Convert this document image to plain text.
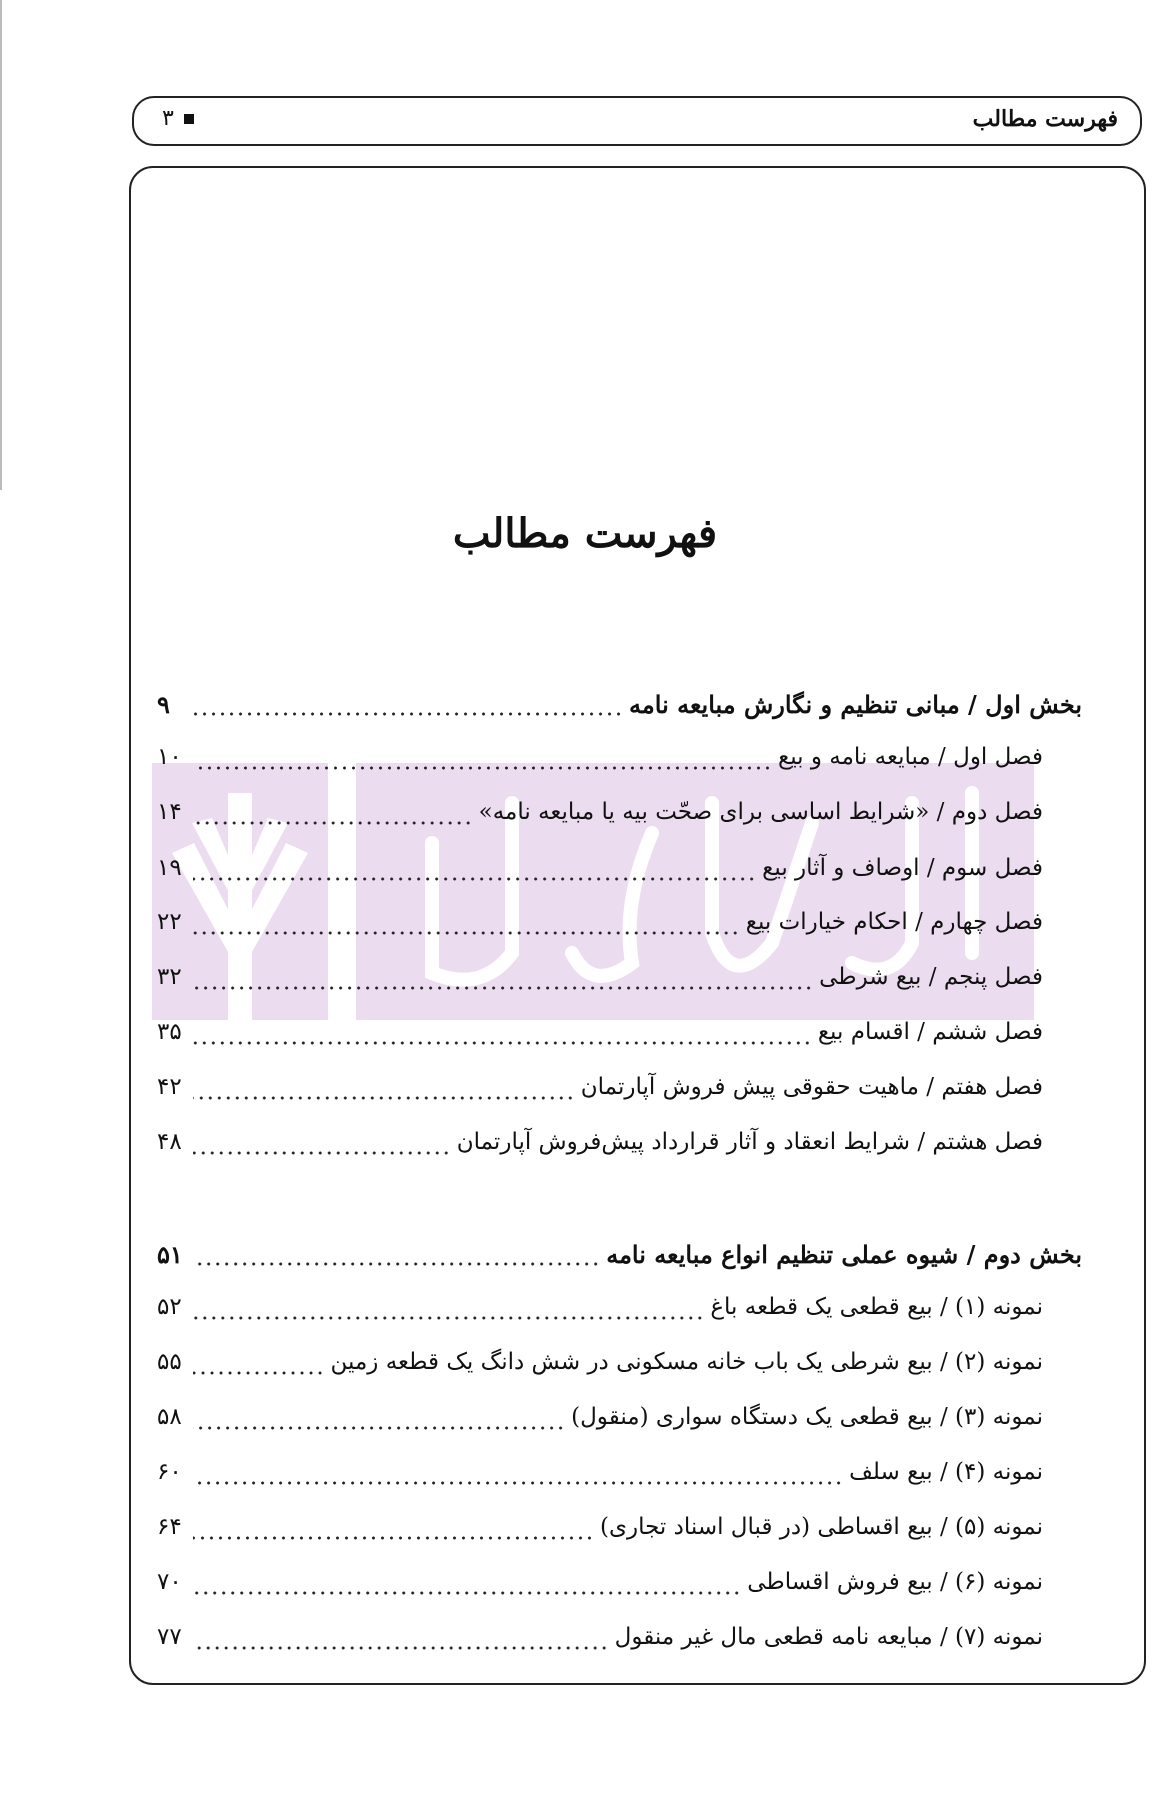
فهرست مطالب
۳
فهرست مطالب
بخش اول / مبانی تنظیم و نگارش مبایعه نامه
۹
فصل اول / مبایعه نامه و بیع
۱۰
فصل دوم / «شرایط اساسی برای صحّت بیه یا مبایعه نامه»
۱۴
فصل سوم / اوصاف و آثار بیع
۱۹
فصل چهارم / احکام خیارات بیع
۲۲
فصل پنجم / بیع شرطی
۳۲
فصل ششم / اقسام بیع
۳۵
فصل هفتم / ماهیت حقوقی پیش فروش آپارتمان
۴۲
فصل هشتم / شرایط انعقاد و آثار قرارداد پیش‌فروش آپارتمان
۴۸
بخش دوم / شیوه عملی تنظیم انواع مبایعه نامه
۵۱
نمونه (۱) / بیع قطعی یک قطعه باغ
۵۲
نمونه (۲) / بیع شرطی یک باب خانه مسکونی در شش دانگ یک قطعه زمین
۵۵
نمونه (۳) / بیع قطعی یک دستگاه سواری (منقول)
۵۸
نمونه (۴) / بیع سلف
۶۰
نمونه (۵) / بیع اقساطی (در قبال اسناد تجاری)
۶۴
نمونه (۶) / بیع فروش اقساطی
۷۰
نمونه (۷) / مبایعه نامه قطعی مال غیر منقول
۷۷
